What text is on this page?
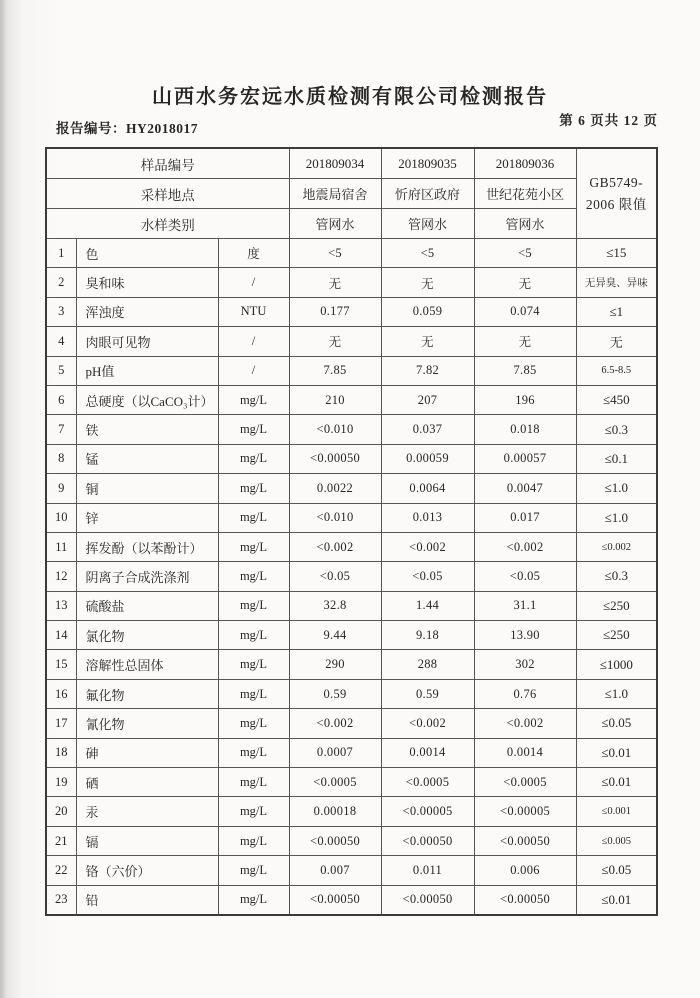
山西水务宏远水质检测有限公司检测报告
报告编号：HY2018017
第 6 页共 12 页
样品编号			201809034	201809035	201809036	GB5749-
2006 限值

采样地点			地震局宿舍	忻府区政府	世纪花苑小区	
水样类别			管网水	管网水	管网水	
1	色	度	<5	<5	<5	≤15
2	臭和味	/	无	无	无	无异臭、异味
3	浑浊度	NTU	0.177	0.059	0.074	≤1
4	肉眼可见物	/	无	无	无	无
5	pH值	/	7.85	7.82	7.85	6.5-8.5
6	总硬度（以CaCO₃计）	mg/L	210	207	196	≤450
7	铁	mg/L	<0.010	0.037	0.018	≤0.3
8	锰	mg/L	<0.00050	0.00059	0.00057	≤0.1
9	铜	mg/L	0.0022	0.0064	0.0047	≤1.0
10	锌	mg/L	<0.010	0.013	0.017	≤1.0
11	挥发酚（以苯酚计）	mg/L	<0.002	<0.002	<0.002	≤0.002
12	阴离子合成洗涤剂	mg/L	<0.05	<0.05	<0.05	≤0.3
13	硫酸盐	mg/L	32.8	1.44	31.1	≤250
14	氯化物	mg/L	9.44	9.18	13.90	≤250
15	溶解性总固体	mg/L	290	288	302	≤1000
16	氟化物	mg/L	0.59	0.59	0.76	≤1.0
17	氰化物	mg/L	<0.002	<0.002	<0.002	≤0.05
18	砷	mg/L	0.0007	0.0014	0.0014	≤0.01
19	硒	mg/L	<0.0005	<0.0005	<0.0005	≤0.01
20	汞	mg/L	0.00018	<0.00005	<0.00005	≤0.001
21	镉	mg/L	<0.00050	<0.00050	<0.00050	≤0.005
22	铬（六价）	mg/L	0.007	0.011	0.006	≤0.05
23	铅	mg/L	<0.00050	<0.00050	<0.00050	≤0.01
